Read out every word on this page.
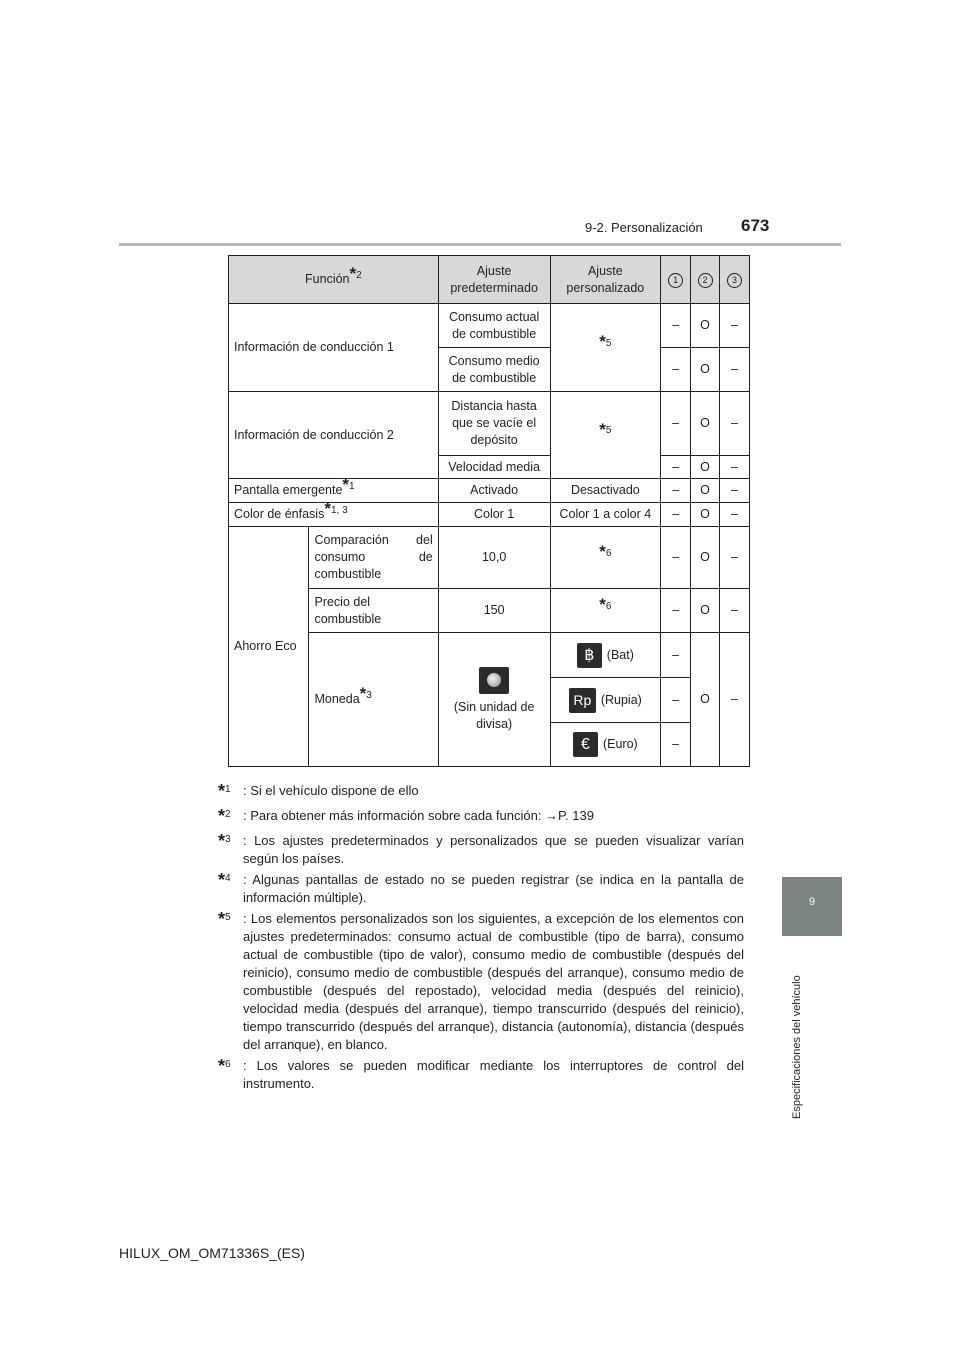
9-2. Personalización 673
9
Especificaciones del vehículo
Función$^{*2}$		Ajuste predeterminado	Ajuste personalizado	1	2	3
Información de conducción 1		Consumo actual de combustible	$^{*5}$	–	O	–
		Consumo medio de combustible		–	O	–
Información de conducción 2		Distancia hasta que se vacíe el depósito	$^{*5}$	–	O	–
		Velocidad media		–	O	–
Pantalla emergente$^{*1}$		Activado	Desactivado	–	O	–
Color de énfasis$^{*1, 3}$		Color 1	Color 1 a color 4	–	O	–
Ahorro Eco	Comparación del consumo de combustible	10,0	$^{*6}$	–	O	–
	Precio del combustible	150	$^{*6}$	–	O	–
	Moneda$^{*3}$	(Sin unidad de divisa)	฿ (Bat)	–	O	–
			Rp (Rupia)	–		
			€ (Euro)	–		
*$^1$ : Si el vehículo dispone de ello
*$^2$ : Para obtener más información sobre cada función: →P. 139
*$^3$ : Los ajustes predeterminados y personalizados que se pueden visualizar varían según los países.
*$^4$ : Algunas pantallas de estado no se pueden registrar (se indica en la pantalla de información múltiple).
*$^5$ : Los elementos personalizados son los siguientes, a excepción de los elementos con ajustes predeterminados: consumo actual de combustible (tipo de barra), consumo actual de combustible (tipo de valor), consumo medio de combustible (después del reinicio), consumo medio de combustible (después del arranque), consumo medio de combustible (después del repostado), velocidad media (después del reinicio), velocidad media (después del arranque), tiempo transcurrido (después del reinicio), tiempo transcurrido (después del arranque), distancia (autonomía), distancia (después del arranque), en blanco.
*$^6$ : Los valores se pueden modificar mediante los interruptores de control del instrumento.
HILUX_OM_OM71336S_(ES)
